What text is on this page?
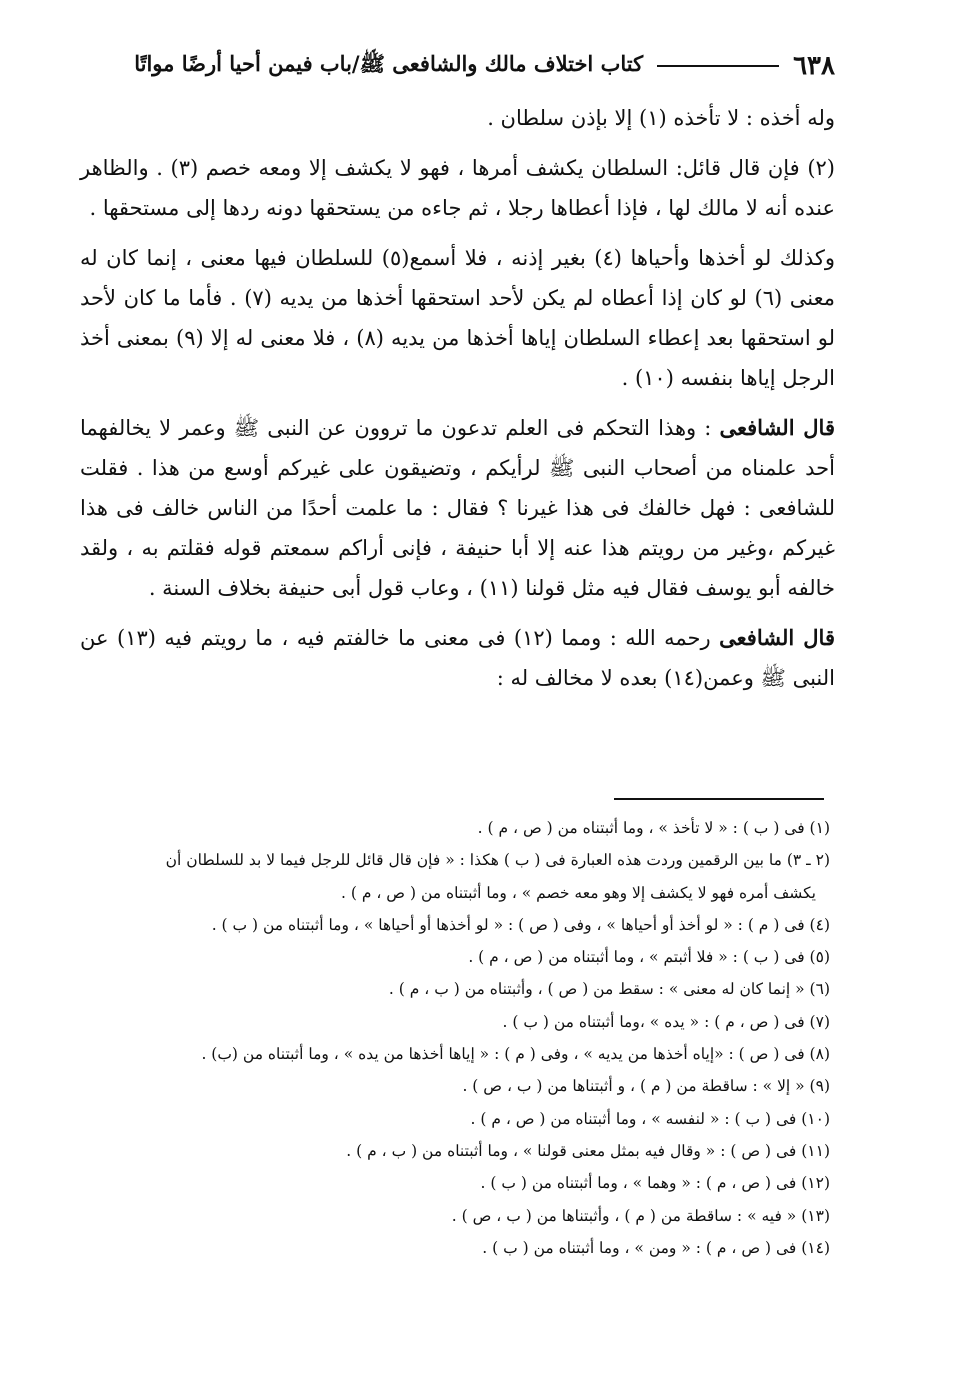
٦٣٨
كتاب اختلاف مالك والشافعى ﷺ/باب فيمن أحيا أرضًا مواتًا

وله أخذه : لا تأخذه (١) إلا بإذن سلطان .

(٢) فإن قال قائل: السلطان يكشف أمرها ، فهو لا يكشف إلا ومعه خصم (٣) . والظاهر عنده أنه لا مالك لها ، فإذا أعطاها رجلا ، ثم جاءه من يستحقها دونه ردها إلى مستحقها .

وكذلك لو أخذها وأحياها (٤) بغير إذنه ، فلا أسمع(٥) للسلطان فيها معنى ، إنما كان له معنى (٦) لو كان إذا أعطاه لم يكن لأحد استحقها أخذها من يديه (٧) . فأما ما كان لأحد لو استحقها بعد إعطاء السلطان إياها أخذها من يديه (٨) ، فلا معنى له إلا (٩) بمعنى أخذ الرجل إياها بنفسه (١٠) .

قال الشافعى : وهذا التحكم فى العلم تدعون ما تروون عن النبى ﷺ وعمر لا يخالفهما أحد علمناه من أصحاب النبى ﷺ لرأيكم ، وتضيقون على غيركم أوسع من هذا . فقلت للشافعى : فهل خالفك فى هذا غيرنا ؟ فقال : ما علمت أحدًا من الناس خالف فى هذا غيركم ،وغير من رويتم هذا عنه إلا أبا حنيفة ، فإنى أراكم سمعتم قوله فقلتم به ، ولقد خالفه أبو يوسف فقال فيه مثل قولنا (١١) ، وعاب قول أبى حنيفة بخلاف السنة .

قال الشافعى رحمه الله : ومما (١٢) فى معنى ما خالفتم فيه ، ما رويتم فيه (١٣) عن النبى ﷺ وعمن(١٤) بعده لا مخالف له :

(١) فى ( ب ) : « لا تأخذ » ، وما أثبتناه من ( ص ، م ) .
(٢ ـ ٣) ما بين الرقمين وردت هذه العبارة فى ( ب ) هكذا : « فإن قال قائل للرجل فيما لا بد للسلطان أن
يكشف أمره فهو لا يكشف إلا وهو معه خصم » ، وما أثبتناه من ( ص ، م ) .
(٤) فى ( م ) : « لو أخذ أو أحياها » ، وفى ( ص ) : « لو أخذها أو أحياها » ، وما أثبتناه من ( ب ) .
(٥) فى ( ب ) : « فلا أثبتم » ، وما أثبتناه من ( ص ، م ) .
(٦) « إنما كان له معنى » : سقط من ( ص ) ، وأثبتناه من ( ب ، م ) .
(٧) فى ( ص ، م ) : « يده » ،وما أثبتناه من ( ب ) .
(٨) فى ( ص ) : «إياه أخذها من يديه » ، وفى ( م ) : « إياها أخذها من يده » ، وما أثبتناه من (ب) .
(٩) « إلا » : ساقطة من ( م ) ، و أثبتناها من ( ب ، ص ) .
(١٠) فى ( ب ) : « لنفسه » ، وما أثبتناه من ( ص ، م ) .
(١١) فى ( ص ) : « وقال فيه بمثل معنى قولنا » ، وما أثبتناه من ( ب ، م ) .
(١٢) فى ( ص ، م ) : « وهما » ، وما أثبتناه من ( ب ) .
(١٣) « فيه » : ساقطة من ( م ) ، وأثبتناها من ( ب ، ص ) .
(١٤) فى ( ص ، م ) : « ومن » ، وما أثبتناه من ( ب ) .
